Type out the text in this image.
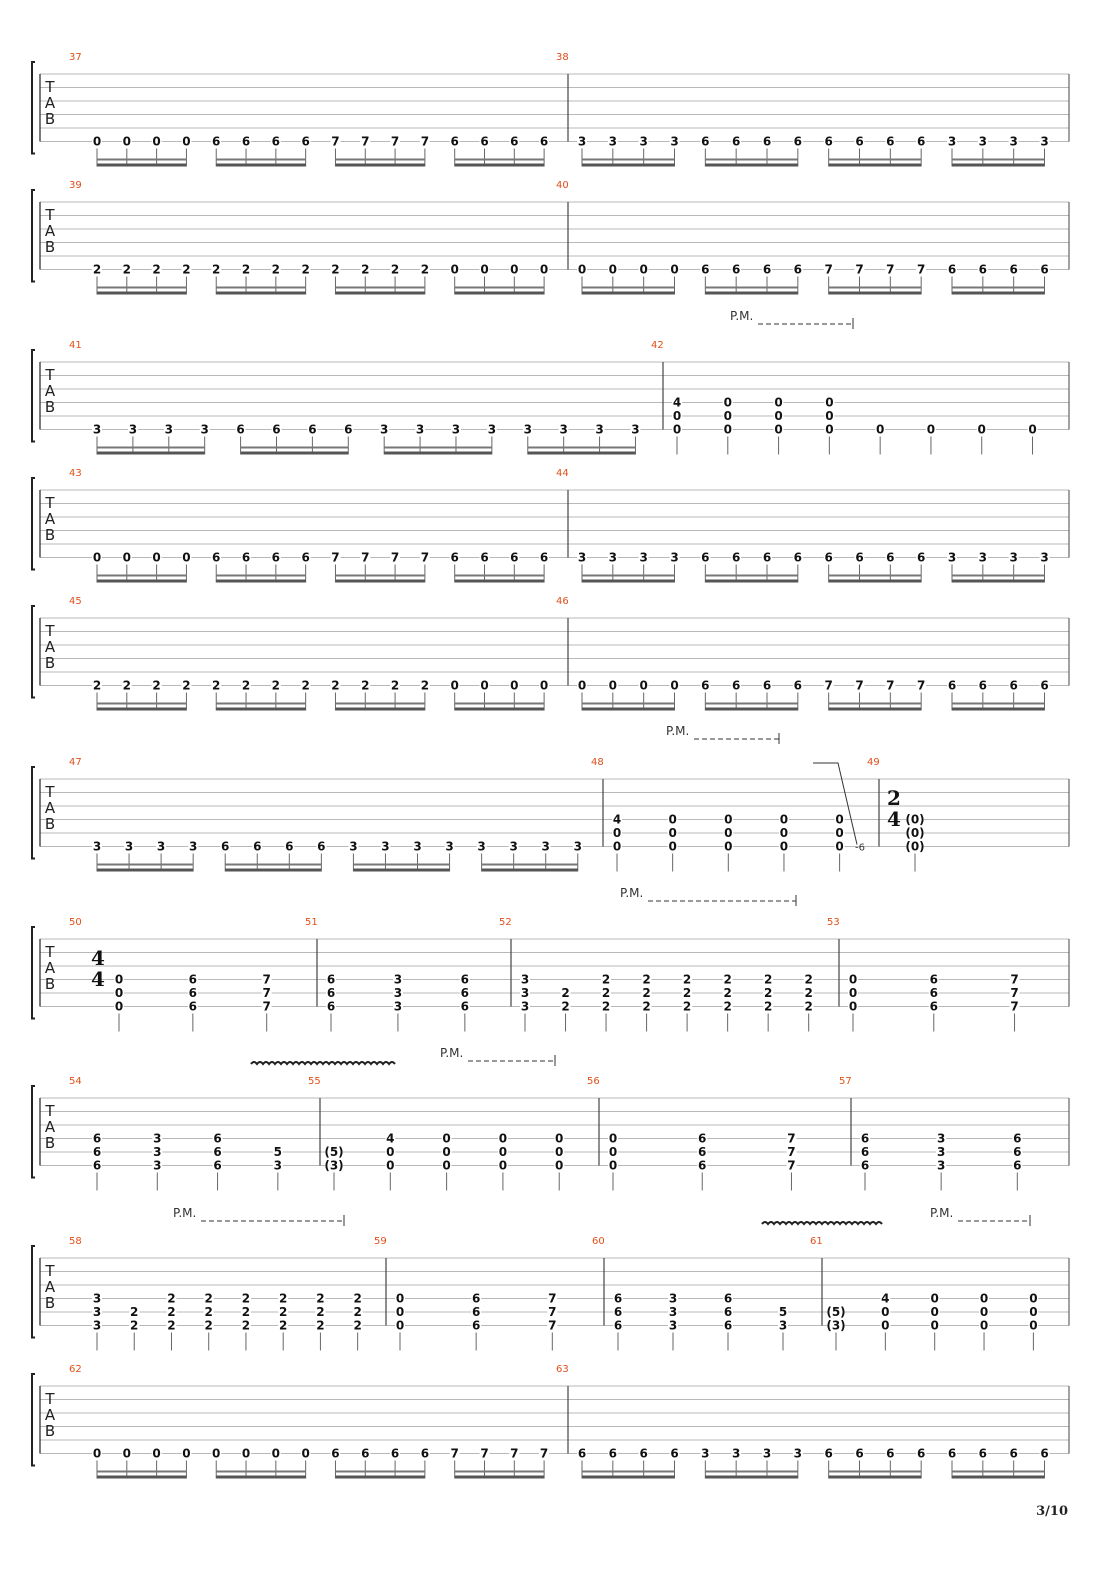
T
A
B
37
0 0 0 0 6 6 6 6 7 7 7 7 6 6 6 6
38
3 3 3 3 6 6 6 6 6 6 6 6 3 3 3 3
T
A
B
39
2 2 2 2 2 2 2 2 2 2 2 2 0 0 0 0
40
0 0 0 0 6 6 6 6 7 7 7 7 6 6 6 6
T
A
B
41
3 3 3 3 6 6 6 6 3 3 3 3 3 3 3 3
42
4
0
0
0
0
0
0
0
0
0
0
0	0	0	0	0
P.M.
T
A
B
43
0 0 0 0 6 6 6 6 7 7 7 7 6 6 6 6
44
3 3 3 3 6 6 6 6 6 6 6 6 3 3 3 3
T
A
B
45
2 2 2 2 2 2 2 2 2 2 2 2 0 0 0 0
46
0 0 0 0 6 6 6 6 7 7 7 7 6 6 6 6
T
A
B
47
3 3 3 3 6 6 6 6 3 3 3 3 3 3 3 3
48
4
0
0
0
0
0
0
0
0
0
0
0
0
0
0 -6
49
2
4 (0)
(0)
(0)
P.M.
T
A
B
50
4
4 0
0
0
6
6
6
7
7
7
51
6
6
6
3
3
3
6
6
6
52
3
3
3
2
2
2
2
2
2
2
2
2
2
2
2
2
2
2
2
2
2
2
2
53
0
0
0
6
6
6
7
7
7
P.M.
T
A
B
54
6
6
6
3
3
3
6
6
6
5
3
55
(5)
(3)
4
0
0
0
0
0
0
0
0
0
0
0
56
0
0
0
6
6
6
7
7
7
57
6
6
6
3
3
3
6
6
6
P.M.
T
A
B
58
3
3
3
2
2
2
2
2
2
2
2
2
2
2
2
2
2
2
2
2
2
2
2
59
0
0
0
6
6
6
7
7
7
60
6
6
6
3
3
3
6
6
6
5
3
61
(5)
(3)
4
0
0
0
0
0
0
0
0
0
0
0
P.M.	P.M.
T
A
B
62
0 0 0 0 0 0 0 0 6 6 6 6 7 7 7 7
63
6 6 6 6 3 3 3 3 6 6 6 6 6 6 6 6
3/10
